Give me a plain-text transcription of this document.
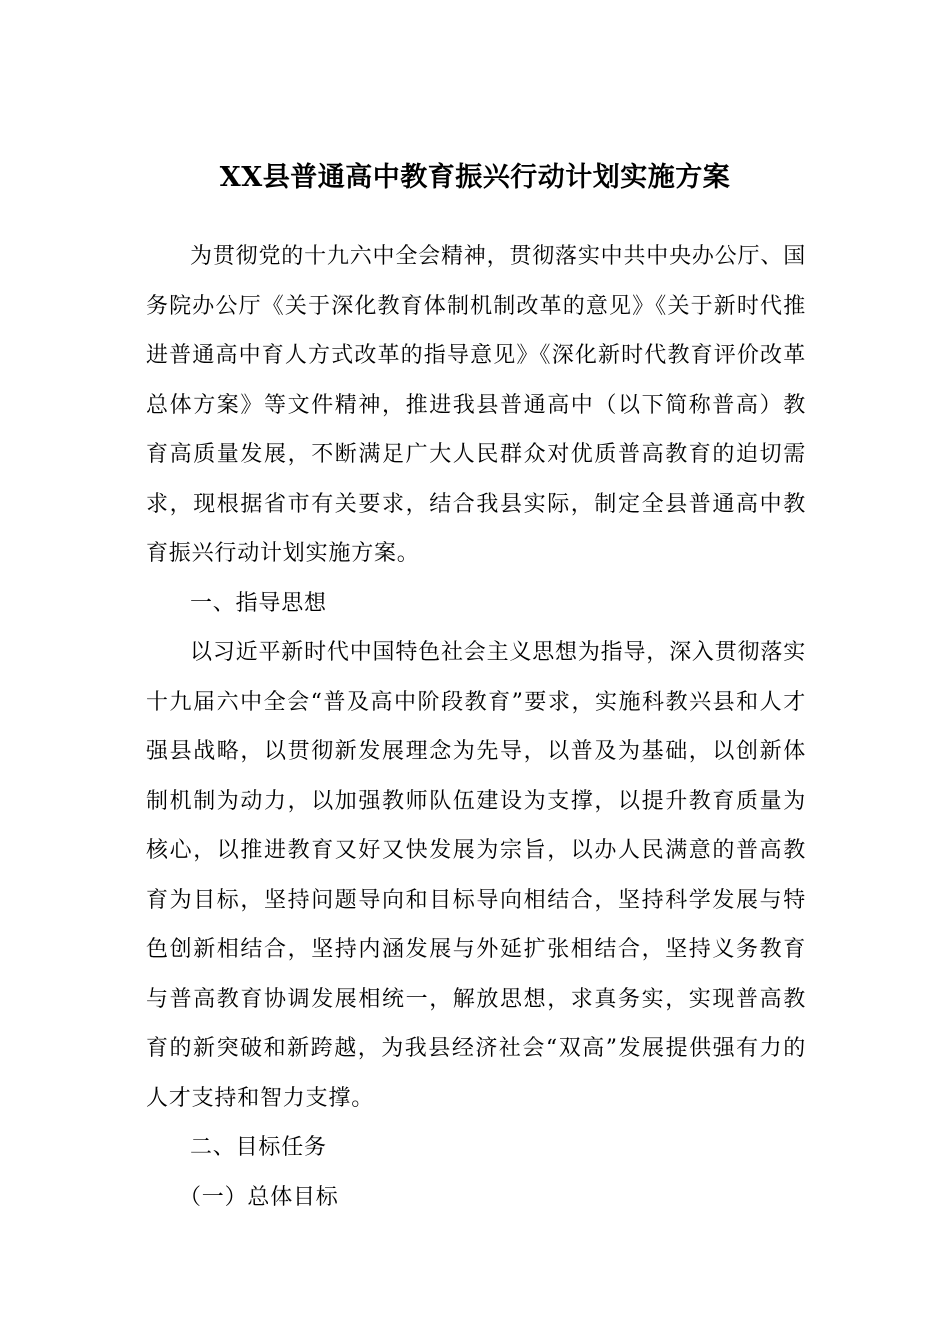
XX县普通高中教育振兴行动计划实施方案

为贯彻党的十九六中全会精神，贯彻落实中共中央办公厅、国务院办公厅《关于深化教育体制机制改革的意见》《关于新时代推进普通高中育人方式改革的指导意见》《深化新时代教育评价改革总体方案》等文件精神，推进我县普通高中（以下简称普高）教育高质量发展，不断满足广大人民群众对优质普高教育的迫切需求，现根据省市有关要求，结合我县实际，制定全县普通高中教育振兴行动计划实施方案。

一、指导思想

以习近平新时代中国特色社会主义思想为指导，深入贯彻落实十九届六中全会“普及高中阶段教育”要求，实施科教兴县和人才强县战略，以贯彻新发展理念为先导，以普及为基础，以创新体制机制为动力，以加强教师队伍建设为支撑，以提升教育质量为核心，以推进教育又好又快发展为宗旨，以办人民满意的普高教育为目标，坚持问题导向和目标导向相结合，坚持科学发展与特色创新相结合，坚持内涵发展与外延扩张相结合，坚持义务教育与普高教育协调发展相统一，解放思想，求真务实，实现普高教育的新突破和新跨越，为我县经济社会“双高”发展提供强有力的人才支持和智力支撑。

二、目标任务

（一）总体目标
